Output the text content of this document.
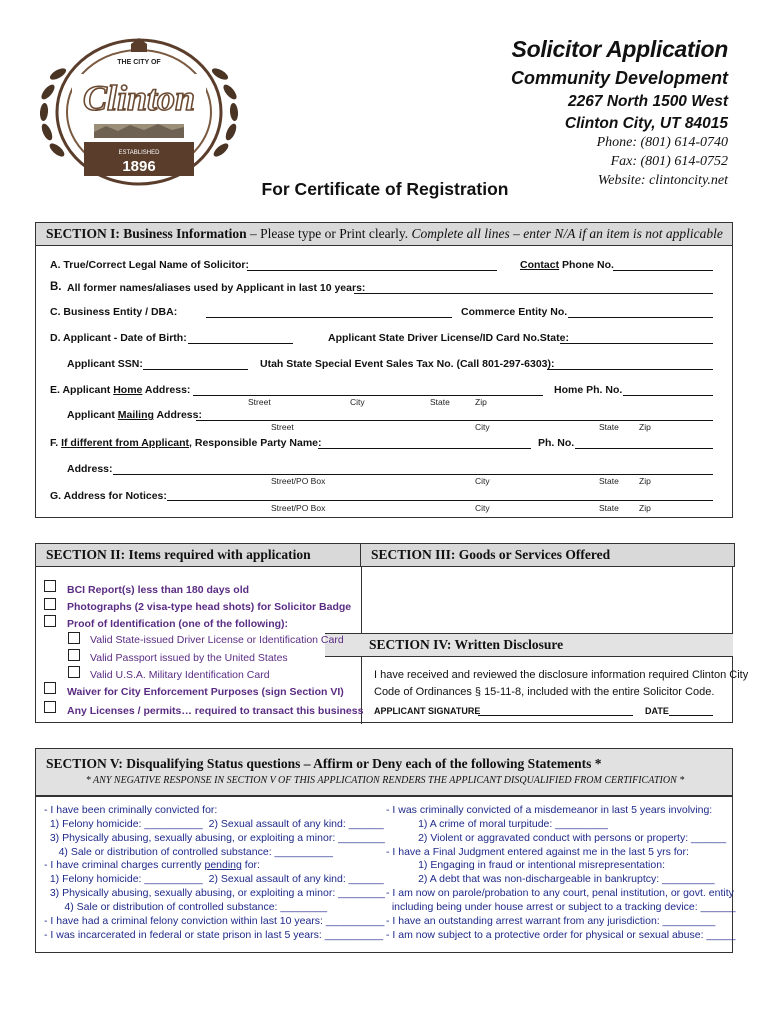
THE CITY OF
Clinton
ESTABLISHED
1896
Solicitor Application
Community Development
2267 North 1500 West
Clinton City, UT 84015
Phone: (801) 614-0740
Fax: (801) 614-0752
Website: clintoncity.net
For Certificate of Registration
SECTION I: Business Information – Please type or Print clearly. Complete all lines – enter N/A if an item is not applicable
A. True/Correct Legal Name of Solicitor:	Contact Phone No.
B. All former names/aliases used by Applicant in last 10 years:
C. Business Entity / DBA:	Commerce Entity No.
D. Applicant - Date of Birth:	Applicant State Driver License/ID Card No.State:
Applicant SSN:	Utah State Special Event Sales Tax No. (Call 801-297-6303):
E. Applicant Home Address:	Home Ph. No.
Street	City	State	Zip
Applicant Mailing Address:
Street	City	State Zip
F. If different from Applicant, Responsible Party Name:	Ph. No.
Address:
Street/PO Box	City	State Zip
G. Address for Notices:
Street/PO Box	City	State Zip
SECTION II: Items required with application	SECTION III: Goods or Services Offered
SECTION IV: Written Disclosure
BCI Report(s) less than 180 days old
Photographs (2 visa-type head shots) for Solicitor Badge
Proof of Identification (one of the following):
Valid State-issued Driver License or Identification Card
Valid Passport issued by the United States
Valid U.S.A. Military Identification Card
Waiver for City Enforcement Purposes (sign Section VI)
Any Licenses / permits… required to transact this business
I have received and reviewed the disclosure information required Clinton City
Code of Ordinances § 15-11-8, included with the entire Solicitor Code.
APPLICANT SIGNATURE	DATE
SECTION V: Disqualifying Status questions – Affirm or Deny each of the following Statements *
* ANY NEGATIVE RESPONSE IN SECTION V OF THIS APPLICATION RENDERS THE APPLICANT DISQUALIFIED FROM CERTIFICATION *
- I have been criminally convicted for:
1) Felony homicide: __________  2) Sexual assault of any kind: ______
3) Physically abusing, sexually abusing, or exploiting a minor: ________
4) Sale or distribution of controlled substance: __________
- I have criminal charges currently pending for:
1) Felony homicide: __________  2) Sexual assault of any kind: ______
3) Physically abusing, sexually abusing, or exploiting a minor: ________
4) Sale or distribution of controlled substance: ________
- I have had a criminal felony conviction within last 10 years: __________
- I was incarcerated in federal or state prison in last 5 years: __________
- I was criminally convicted of a misdemeanor in last 5 years involving:
1) A crime of moral turpitude: _________
2) Violent or aggravated conduct with persons or property: ______
- I have a Final Judgment entered against me in the last 5 yrs for:
1) Engaging in fraud or intentional misrepresentation:
2) A debt that was non-dischargeable in bankruptcy: _________
- I am now on parole/probation to any court, penal institution, or govt. entity
including being under house arrest or subject to a tracking device: ______
- I have an outstanding arrest warrant from any jurisdiction: _________
- I am now subject to a protective order for physical or sexual abuse: _____
